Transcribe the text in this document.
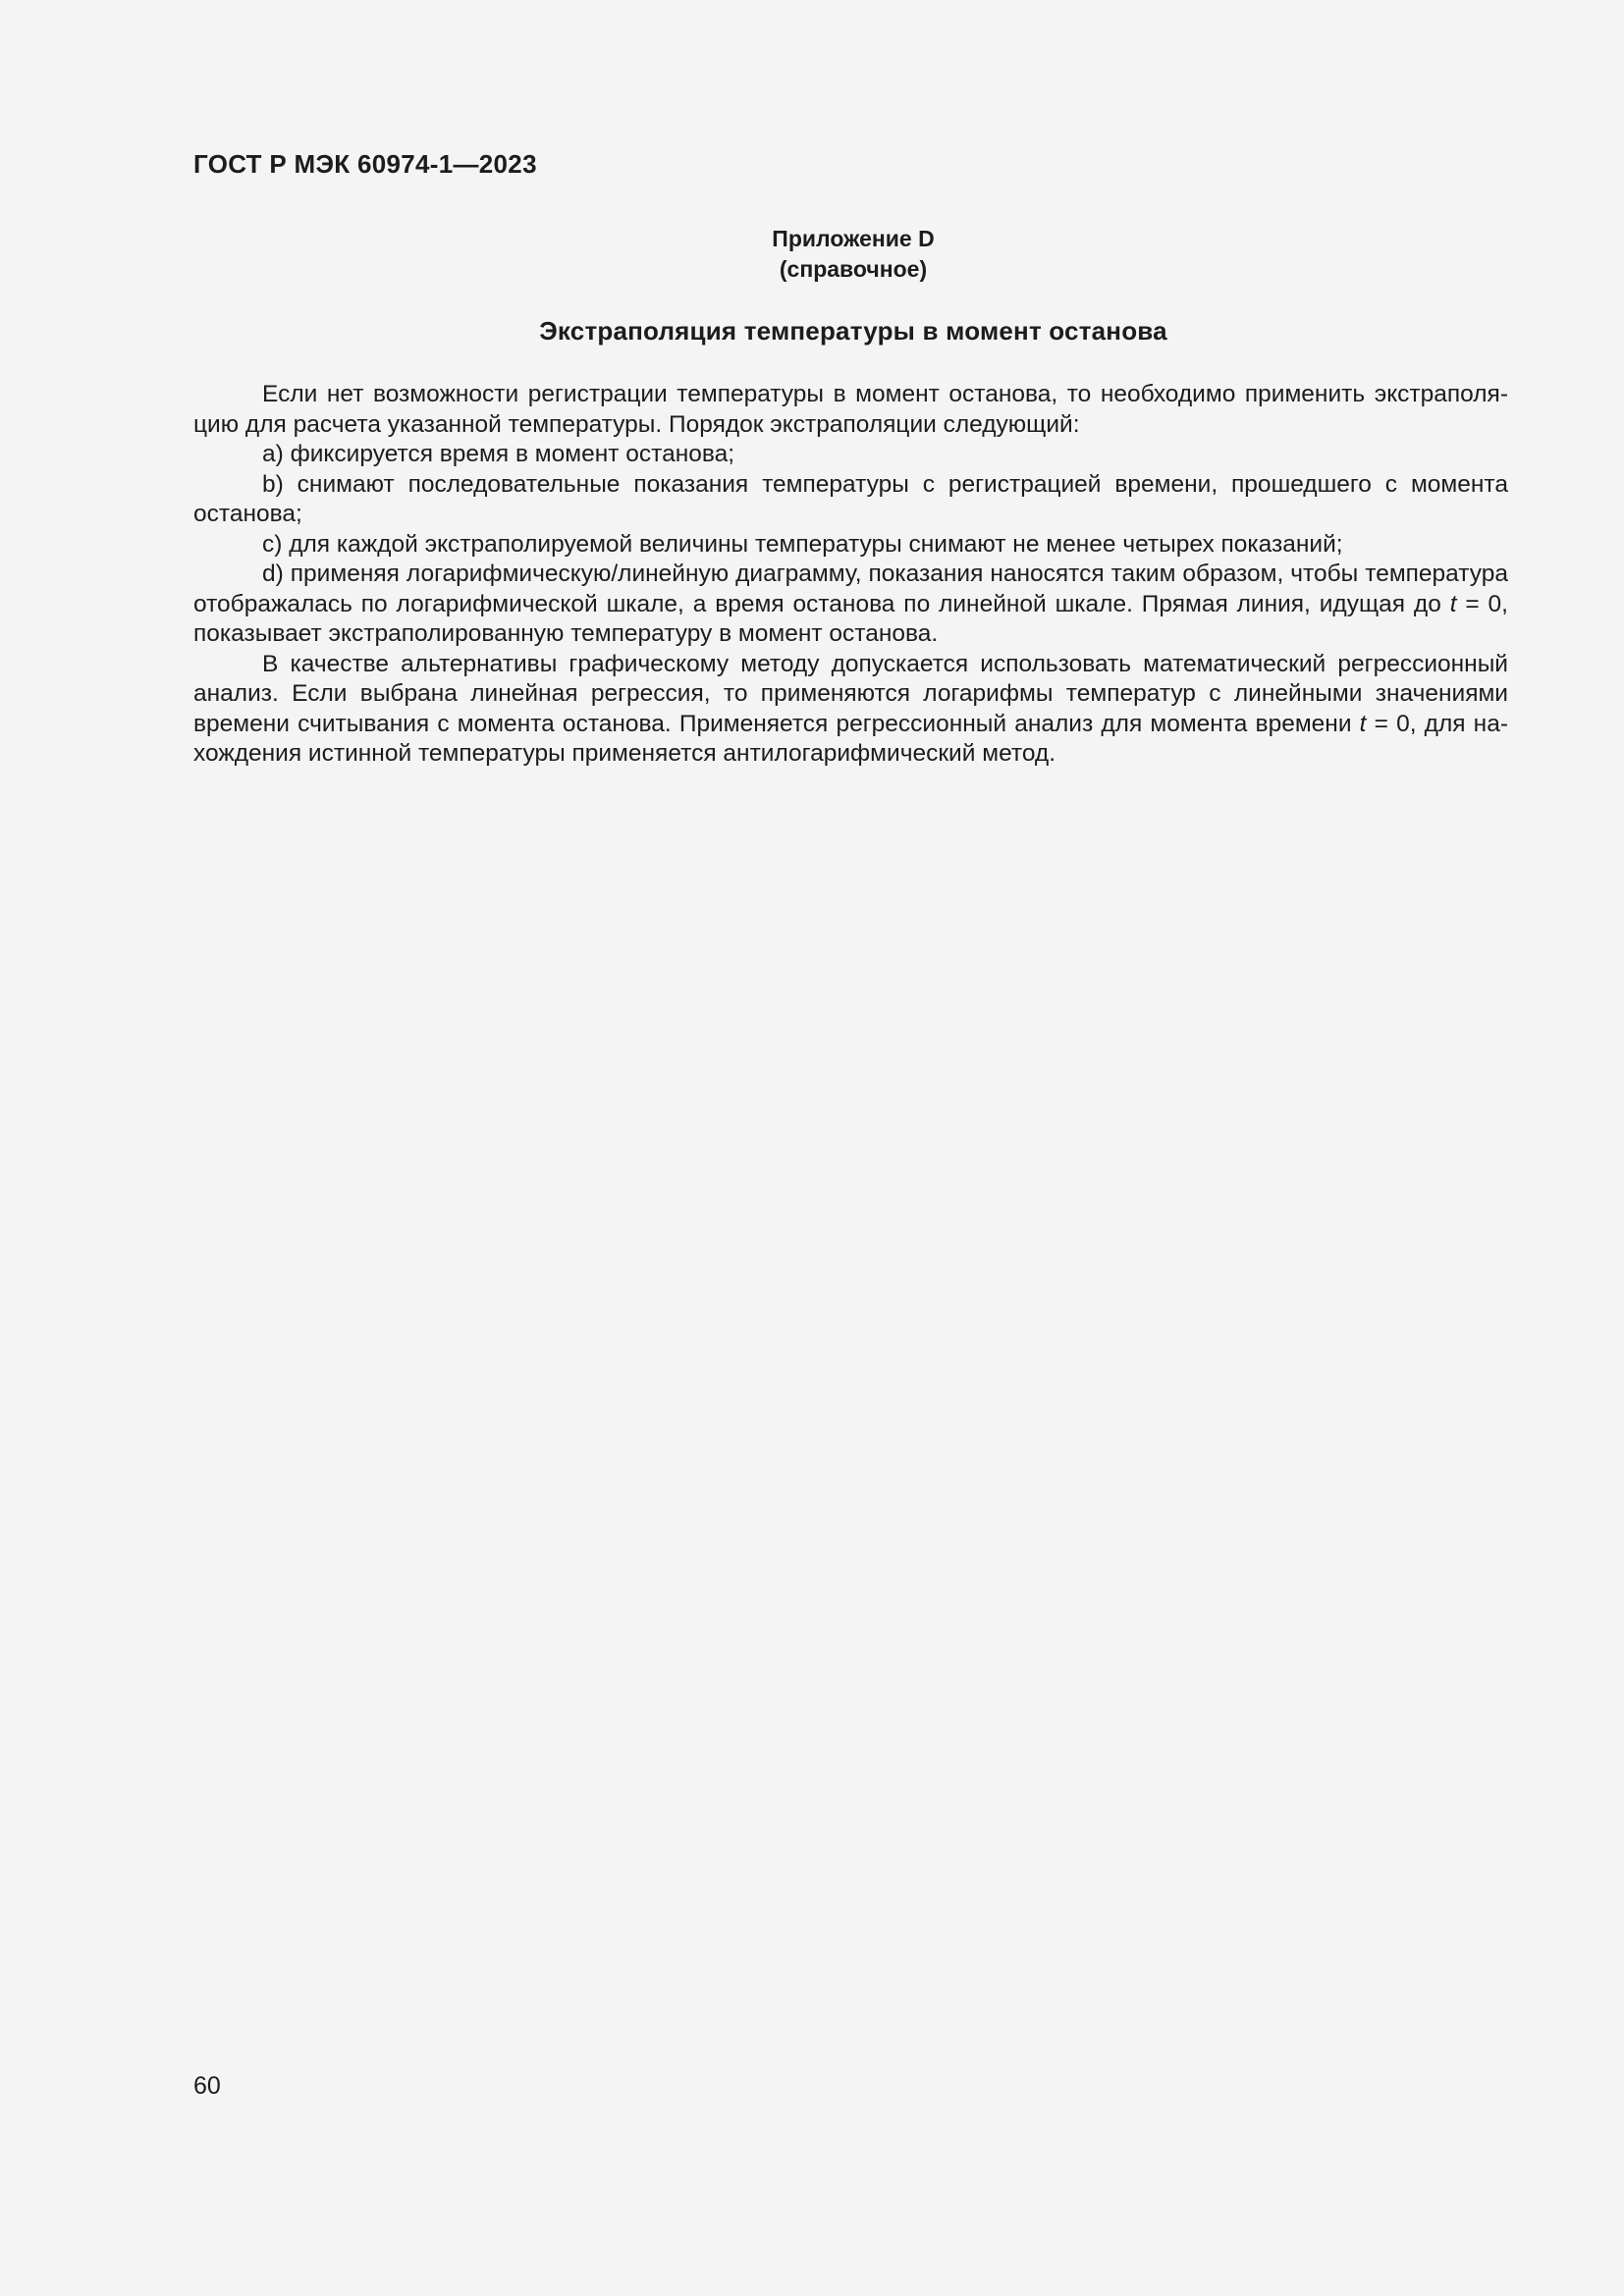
ГОСТ Р МЭК 60974-1—2023
Приложение D
(справочное)
Экстраполяция температуры в момент останова

Если нет возможности регистрации температуры в момент останова, то необходимо применить экстраполяцию для расчета указанной температуры. Порядок экстраполяции следующий:

a) фиксируется время в момент останова;

b) снимают последовательные показания температуры с регистрацией времени, прошедшего с момента останова;

c) для каждой экстраполируемой величины температуры снимают не менее четырех показаний;

d) применяя логарифмическую/линейную диаграмму, показания наносятся таким образом, чтобы температура отображалась по логарифмической шкале, а время останова по линейной шкале. Прямая линия, идущая до t = 0, показывает экстраполированную температуру в момент останова.

В качестве альтернативы графическому методу допускается использовать математический регрессионный анализ. Если выбрана линейная регрессия, то применяются логарифмы температур с линейными значениями времени считывания с момента останова. Применяется регрессионный анализ для момента времени t = 0, для нахождения истинной температуры применяется антилогарифмический метод.

60
